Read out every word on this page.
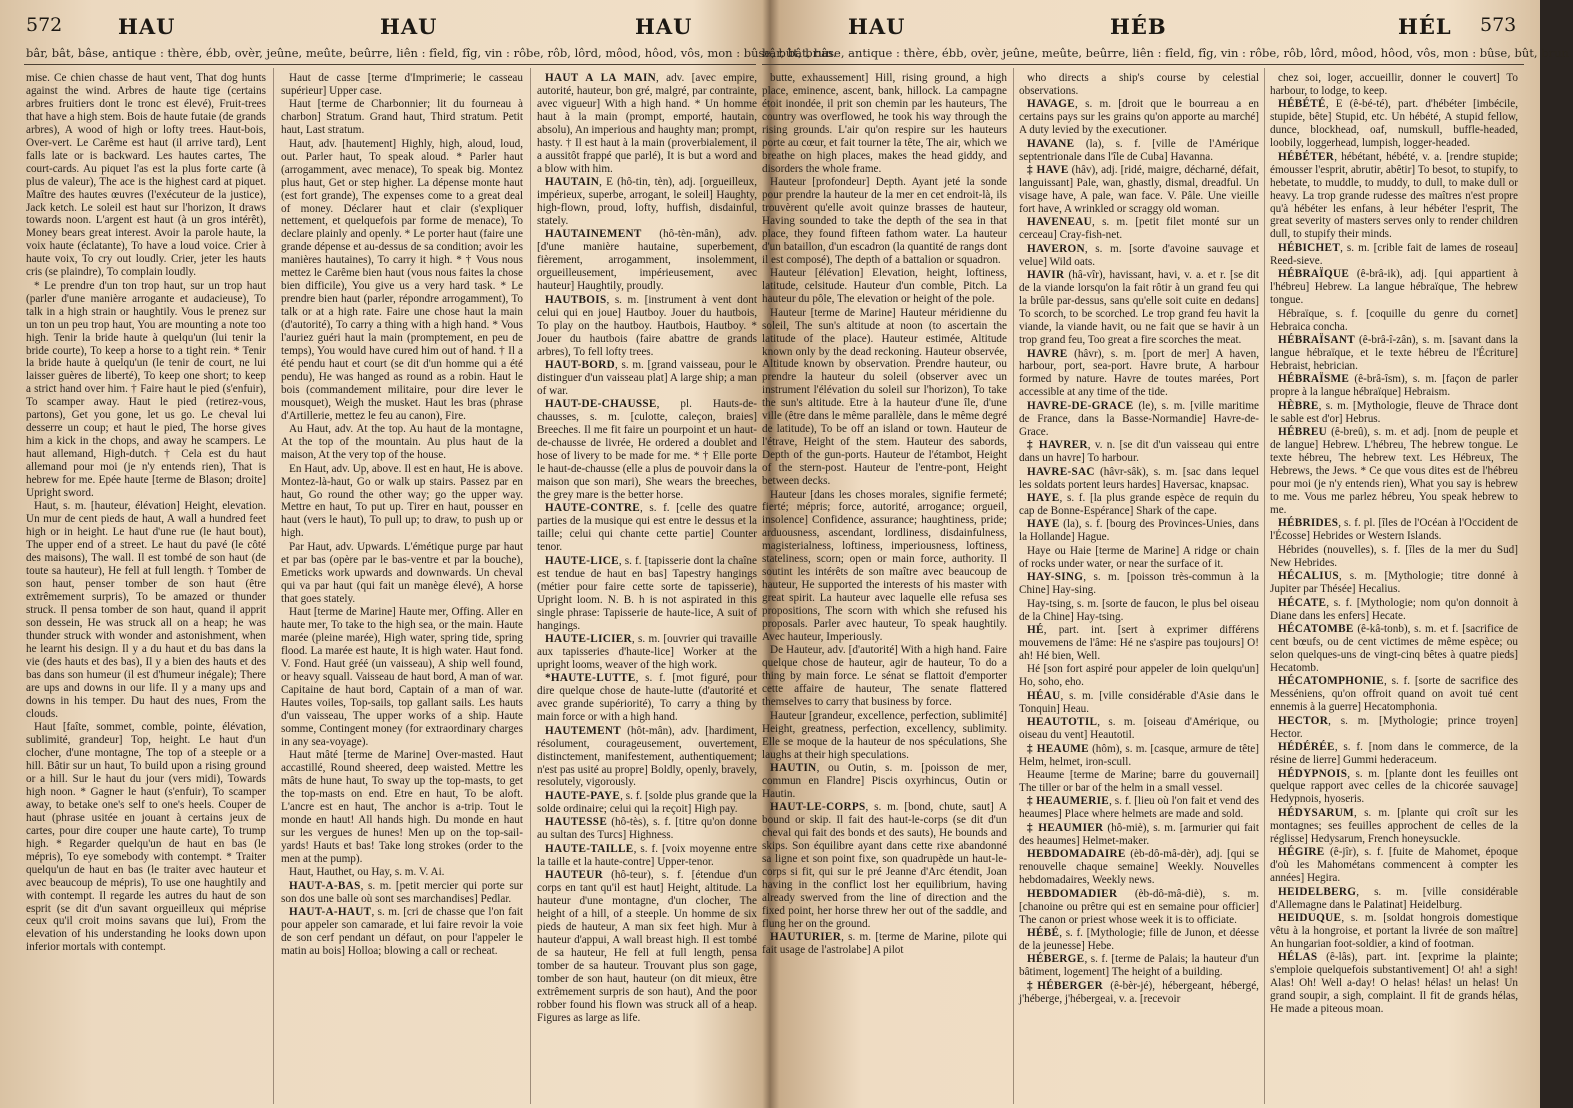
572	HAU	HAU	HAU
bâr, bât, bâse, antique : thère, ébb, ovèr, jeûne, meûte, beûrre, liên : fîeld, fîg, vin : rôbe, rôb, lôrd, môod, hôod, vôs, mon : bûse, bût, brun.

mise. Ce chien chasse de haut vent, That dog hunts against the wind. Arbres de haute tige (certains arbres fruitiers dont le tronc est élevé), Fruit-trees that have a high stem. Bois de haute futaie (de grands arbres), A wood of high or lofty trees. Haut-bois, Over-vert. Le Carême est haut (il arrive tard), Lent falls late or is backward. Les hautes cartes, The court-cards. Au piquet l'as est la plus forte carte (à plus de valeur), The ace is the highest card at piquet. Maître des hautes œuvres (l'exécuteur de la justice), Jack ketch. Le soleil est haut sur l'horizon, It draws towards noon. L'argent est haut (à un gros intérêt), Money bears great interest. Avoir la parole haute, la voix haute (éclatante), To have a loud voice. Crier à haute voix, To cry out loudly. Crier, jeter les hauts cris (se plaindre), To complain loudly.

* Le prendre d'un ton trop haut, sur un trop haut (parler d'une manière arrogante et audacieuse), To talk in a high strain or haughtily. Vous le prenez sur un ton un peu trop haut, You are mounting a note too high. Tenir la bride haute à quelqu'un (lui tenir la bride courte), To keep a horse to a tight rein. * Tenir la bride haute à quelqu'un (le tenir de court, ne lui laisser guères de liberté), To keep one short; to keep a strict hand over him. † Faire haut le pied (s'enfuir), To scamper away. Haut le pied (retirez-vous, partons), Get you gone, let us go. Le cheval lui desserre un coup; et haut le pied, The horse gives him a kick in the chops, and away he scampers. Le haut allemand, High-dutch. † Cela est du haut allemand pour moi (je n'y entends rien), That is hebrew for me. Epée haute [terme de Blason; droite] Upright sword.

Haut, s. m. [hauteur, élévation] Height, elevation. Un mur de cent pieds de haut, A wall a hundred feet high or in height. Le haut d'une rue (le haut bout), The upper end of a street. Le haut du pavé (le côté des maisons), The wall. Il est tombé de son haut (de toute sa hauteur), He fell at full length. † Tomber de son haut, penser tomber de son haut (être extrêmement surpris), To be amazed or thunder struck. Il pensa tomber de son haut, quand il apprit son dessein, He was struck all on a heap; he was thunder struck with wonder and astonishment, when he learnt his design. Il y a du haut et du bas dans la vie (des hauts et des bas), Il y a bien des hauts et des bas dans son humeur (il est d'humeur inégale); There are ups and downs in our life. Il y a many ups and downs in his temper. Du haut des nues, From the clouds.

Haut [faîte, sommet, comble, pointe, élévation, sublimité, grandeur] Top, height. Le haut d'un clocher, d'une montagne, The top of a steeple or a hill. Bâtir sur un haut, To build upon a rising ground or a hill. Sur le haut du jour (vers midi), Towards high noon. * Gagner le haut (s'enfuir), To scamper away, to betake one's self to one's heels. Couper de haut (phrase usitée en jouant à certains jeux de cartes, pour dire couper une haute carte), To trump high. * Regarder quelqu'un de haut en bas (le mépris), To eye somebody with contempt. * Traiter quelqu'un de haut en bas (le traiter avec hauteur et avec beaucoup de mépris), To use one haughtily and with contempt. Il regarde les autres du haut de son esprit (se dit d'un savant orgueilleux qui méprise ceux qu'il croit moins savans que lui), From the elevation of his understanding he looks down upon inferior mortals with contempt.

Haut de casse [terme d'Imprimerie; le casseau supérieur] Upper case.

Haut [terme de Charbonnier; lit du fourneau à charbon] Stratum. Grand haut, Third stratum. Petit haut, Last stratum.

Haut, adv. [hautement] Highly, high, aloud, loud, out. Parler haut, To speak aloud. * Parler haut (arrogamment, avec menace), To speak big. Montez plus haut, Get or step higher. La dépense monte haut (est fort grande), The expenses come to a great deal of money. Déclarer haut et clair (s'expliquer nettement, et quelquefois par forme de menace), To declare plainly and openly. * Le porter haut (faire une grande dépense et au-dessus de sa condition; avoir les manières hautaines), To carry it high. * † Vous nous mettez le Carême bien haut (vous nous faites la chose bien difficile), You give us a very hard task. * Le prendre bien haut (parler, répondre arrogamment), To talk or at a high rate. Faire une chose haut la main (d'autorité), To carry a thing with a high hand. * Vous l'auriez guéri haut la main (promptement, en peu de temps), You would have cured him out of hand. † Il a été pendu haut et court (se dit d'un homme qui a été pendu), He was hanged as round as a robin. Haut le bois (commandement militaire, pour dire lever le mousquet), Weigh the musket. Haut les bras (phrase d'Artillerie, mettez le feu au canon), Fire.

Au Haut, adv. At the top. Au haut de la montagne, At the top of the mountain. Au plus haut de la maison, At the very top of the house.

En Haut, adv. Up, above. Il est en haut, He is above. Montez-là-haut, Go or walk up stairs. Passez par en haut, Go round the other way; go the upper way. Mettre en haut, To put up. Tirer en haut, pousser en haut (vers le haut), To pull up; to draw, to push up or high.

Par Haut, adv. Upwards. L'émétique purge par haut et par bas (opère par le bas-ventre et par la bouche), Emeticks work upwards and downwards. Un cheval qui va par haut (qui fait un manège élevé), A horse that goes stately.

Haut [terme de Marine] Haute mer, Offing. Aller en haute mer, To take to the high sea, or the main. Haute marée (pleine marée), High water, spring tide, spring flood. La marée est haute, It is high water. Haut fond. V. Fond. Haut gréé (un vaisseau), A ship well found, or heavy squall. Vaisseau de haut bord, A man of war. Capitaine de haut bord, Captain of a man of war. Hautes voiles, Top-sails, top gallant sails. Les hauts d'un vaisseau, The upper works of a ship. Haute somme, Contingent money (for extraordinary charges in any sea-voyage).

Haut mâté [terme de Marine] Over-masted. Haut accastillé, Round sheered, deep waisted. Mettre les mâts de hune haut, To sway up the top-masts, to get the top-masts on end. Etre en haut, To be aloft. L'ancre est en haut, The anchor is a-trip. Tout le monde en haut! All hands high. Du monde en haut sur les vergues de hunes! Men up on the top-sail-yards! Hauts et bas! Take long strokes (order to the men at the pump).

Haut, Hauthet, ou Hay, s. m. V. Ai.

HAUT-A-BAS, s. m. [petit mercier qui porte sur son dos une balle où sont ses marchandises] Pedlar.

HAUT-A-HAUT, s. m. [cri de chasse que l'on fait pour appeler son camarade, et lui faire revoir la voie de son cerf pendant un défaut, on pour l'appeler le matin au bois] Holloa; blowing a call or recheat.

HAUT A LA MAIN, adv. [avec empire, autorité, hauteur, bon gré, malgré, par contrainte, avec vigueur] With a high hand. * Un homme haut à la main (prompt, emporté, hautain, absolu), An imperious and haughty man; prompt, hasty. † Il est haut à la main (proverbialement, il a aussitôt frappé que parlé), It is but a word and a blow with him.

HAUTAIN, E (hô-tin, tèn), adj. [orgueilleux, impérieux, superbe, arrogant, le soleil] Haughty, high-flown, proud, lofty, huffish, disdainful, stately.

HAUTAINEMENT (hô-tèn-mân), adv. [d'une manière hautaine, superbement, fièrement, arrogamment, insolemment, orgueilleusement, impérieusement, avec hauteur] Haughtily, proudly.

HAUTBOIS, s. m. [instrument à vent dont celui qui en joue] Hautboy. Jouer du hautbois, To play on the hautboy. Hautbois, Hautboy. * Jouer du hautbois (faire abattre de grands arbres), To fell lofty trees.

HAUT-BORD, s. m. [grand vaisseau, pour le distinguer d'un vaisseau plat] A large ship; a man of war.

HAUT-DE-CHAUSSE, pl. Hauts-de-chausses, s. m. [culotte, caleçon, braies] Breeches. Il me fit faire un pourpoint et un haut-de-chausse de livrée, He ordered a doublet and hose of livery to be made for me. * † Elle porte le haut-de-chausse (elle a plus de pouvoir dans la maison que son mari), She wears the breeches, the grey mare is the better horse.

HAUTE-CONTRE, s. f. [celle des quatre parties de la musique qui est entre le dessus et la taille; celui qui chante cette partie] Counter tenor.

HAUTE-LICE, s. f. [tapisserie dont la chaîne est tendue de haut en bas] Tapestry hangings (métier pour faire cette sorte de tapisserie), Upright loom. N. B. h is not aspirated in this single phrase: Tapisserie de haute-lice, A suit of hangings.

HAUTE-LICIER, s. m. [ouvrier qui travaille aux tapisseries d'haute-lice] Worker at the upright looms, weaver of the high work.

*HAUTE-LUTTE, s. f. [mot figuré, pour dire quelque chose de haute-lutte (d'autorité et avec grande supériorité), To carry a thing by main force or with a high hand.

HAUTEMENT (hôt-mân), adv. [hardiment, résolument, courageusement, ouvertement, distinctement, manifestement, authentiquement; n'est pas usité au propre] Boldly, openly, bravely, resolutely, vigorously.

HAUTE-PAYE, s. f. [solde plus grande que la solde ordinaire; celui qui la reçoit] High pay.

HAUTESSE (hô-tès), s. f. [titre qu'on donne au sultan des Turcs] Highness.

HAUTE-TAILLE, s. f. [voix moyenne entre la taille et la haute-contre] Upper-tenor.

HAUTEUR (hô-teur), s. f. [étendue d'un corps en tant qu'il est haut] Height, altitude. La hauteur d'une montagne, d'un clocher, The height of a hill, of a steeple. Un homme de six pieds de hauteur, A man six feet high. Mur à hauteur d'appui, A wall breast high. Il est tombé de sa hauteur, He fell at full length, pensa tomber de sa hauteur. Trouvant plus son gage, tomber de son haut, hauteur (on dit mieux, être extrêmement surpris de son haut), And the poor robber found his flown was struck all of a heap. Figures as large as life.

HAU	HÉB	HÉL 573
bâr, bât, bâse, antique : thère, ébb, ovèr, jeûne, meûte, beûrre, liên : fîeld, fîg, vin : rôbe, rôb, lôrd, môod, hôod, vôs, mon : bûse, bût, brun.

butte, exhaussement] Hill, rising ground, a high place, eminence, ascent, bank, hillock. La campagne étoit inondée, il prit son chemin par les hauteurs, The country was overflowed, he took his way through the rising grounds. L'air qu'on respire sur les hauteurs porte au cœur, et fait tourner la tête, The air, which we breathe on high places, makes the head giddy, and disorders the whole frame.

Hauteur [profondeur] Depth. Ayant jeté la sonde pour prendre la hauteur de la mer en cet endroit-là, ils trouvèrent qu'elle avoit quinze brasses de hauteur, Having sounded to take the depth of the sea in that place, they found fifteen fathom water. La hauteur d'un bataillon, d'un escadron (la quantité de rangs dont il est composé), The depth of a battalion or squadron.

Hauteur [élévation] Elevation, height, loftiness, latitude, celsitude. Hauteur d'un comble, Pitch. La hauteur du pôle, The elevation or height of the pole.

Hauteur [terme de Marine] Hauteur méridienne du soleil, The sun's altitude at noon (to ascertain the latitude of the place). Hauteur estimée, Altitude known only by the dead reckoning. Hauteur observée, Altitude known by observation. Prendre hauteur, ou prendre la hauteur du soleil (observer avec un instrument l'élévation du soleil sur l'horizon), To take the sun's altitude. Etre à la hauteur d'une île, d'une ville (être dans le même parallèle, dans le même degré de latitude), To be off an island or town. Hauteur de l'étrave, Height of the stem. Hauteur des sabords, Depth of the gun-ports. Hauteur de l'étambot, Height of the stern-post. Hauteur de l'entre-pont, Height between decks.

Hauteur [dans les choses morales, signifie fermeté; fierté; mépris; force, autorité, arrogance; orgueil, insolence] Confidence, assurance; haughtiness, pride; arduousness, ascendant, lordliness, disdainfulness, magisterialness, loftiness, imperiousness, loftiness, stateliness, scorn; open or main force, authority. Il soutint les intérêts de son maître avec beaucoup de hauteur, He supported the interests of his master with great spirit. La hauteur avec laquelle elle refusa ses propositions, The scorn with which she refused his proposals. Parler avec hauteur, To speak haughtily. Avec hauteur, Imperiously.

De Hauteur, adv. [d'autorité] With a high hand. Faire quelque chose de hauteur, agir de hauteur, To do a thing by main force. Le sénat se flattoit d'emporter cette affaire de hauteur, The senate flattered themselves to carry that business by force.

Hauteur [grandeur, excellence, perfection, sublimité] Height, greatness, perfection, excellency, sublimity. Elle se moque de la hauteur de nos spéculations, She laughs at their high speculations.

HAUTIN, ou Outin, s. m. [poisson de mer, commun en Flandre] Piscis oxyrhincus, Outin or Hautin.

HAUT-LE-CORPS, s. m. [bond, chute, saut] A bound or skip. Il fait des haut-le-corps (se dit d'un cheval qui fait des bonds et des sauts), He bounds and skips. Son équilibre ayant dans cette rixe abandonné sa ligne et son point fixe, son quadrupède un haut-le-corps si fit, qui sur le pré Jeanne d'Arc étendit, Joan having in the conflict lost her equilibrium, having already swerved from the line of direction and the fixed point, her horse threw her out of the saddle, and flung her on the ground.

HAUTURIER, s. m. [terme de Marine, pilote qui fait usage de l'astrolabe] A pilot

who directs a ship's course by celestial observations.

HAVAGE, s. m. [droit que le bourreau a en certains pays sur les grains qu'on apporte au marché] A duty levied by the executioner.

HAVANE (la), s. f. [ville de l'Amérique septentrionale dans l'île de Cuba] Havanna.

‡ HAVE (hâv), adj. [ridé, maigre, décharné, défait, languissant] Pale, wan, ghastly, dismal, dreadful. Un visage have, A pale, wan face. V. Pâle. Une vieille fort have, A wrinkled or scraggy old woman.

HAVENEAU, s. m. [petit filet monté sur un cerceau] Cray-fish-net.

HAVERON, s. m. [sorte d'avoine sauvage et velue] Wild oats.

HAVIR (hâ-vîr), havissant, havi, v. a. et r. [se dit de la viande lorsqu'on la fait rôtir à un grand feu qui la brûle par-dessus, sans qu'elle soit cuite en dedans] To scorch, to be scorched. Le trop grand feu havit la viande, la viande havit, ou ne fait que se havir à un trop grand feu, Too great a fire scorches the meat.

HAVRE (hâvr), s. m. [port de mer] A haven, harbour, port, sea-port. Havre brute, A harbour formed by nature. Havre de toutes marées, Port accessible at any time of the tide.

HAVRE-DE-GRACE (le), s. m. [ville maritime de France, dans la Basse-Normandie] Havre-de-Grace.

‡ HAVRER, v. n. [se dit d'un vaisseau qui entre dans un havre] To harbour.

HAVRE-SAC (hâvr-sâk), s. m. [sac dans lequel les soldats portent leurs hardes] Haversac, knapsac.

HAYE, s. f. [la plus grande espèce de requin du cap de Bonne-Espérance] Shark of the cape.

HAYE (la), s. f. [bourg des Provinces-Unies, dans la Hollande] Hague.

Haye ou Haie [terme de Marine] A ridge or chain of rocks under water, or near the surface of it.

HAY-SING, s. m. [poisson très-commun à la Chine] Hay-sing.

Hay-tsing, s. m. [sorte de faucon, le plus bel oiseau de la Chine] Hay-tsing.

HÉ, part. int. [sert à exprimer différens mouvemens de l'âme: Hé ne s'aspire pas toujours] O! ah! Hé bien, Well.

Hé [son fort aspiré pour appeler de loin quelqu'un] Ho, soho, eho.

HÉAU, s. m. [ville considérable d'Asie dans le Tonquin] Heau.

HEAUTOTIL, s. m. [oiseau d'Amérique, ou oiseau du vent] Heautotil.

‡ HEAUME (hôm), s. m. [casque, armure de tête] Helm, helmet, iron-scull.

Heaume [terme de Marine; barre du gouvernail] The tiller or bar of the helm in a small vessel.

‡ HEAUMERIE, s. f. [lieu où l'on fait et vend des heaumes] Place where helmets are made and sold.

‡ HEAUMIER (hô-miè), s. m. [armurier qui fait des heaumes] Helmet-maker.

HEBDOMADAIRE (èb-dô-mâ-dèr), adj. [qui se renouvelle chaque semaine] Weekly. Nouvelles hebdomadaires, Weekly news.

HEBDOMADIER (èb-dô-mâ-diè), s. m. [chanoine ou prêtre qui est en semaine pour officier] The canon or priest whose week it is to officiate.

HÉBÉ, s. f. [Mythologie; fille de Junon, et déesse de la jeunesse] Hebe.

HÉBERGE, s. f. [terme de Palais; la hauteur d'un bâtiment, logement] The height of a building.

‡HÉBERGER (ê-bèr-jé), hébergeant, hébergé, j'héberge, j'hébergeai, v. a. [recevoir

chez soi, loger, accueillir, donner le couvert] To harbour, to lodge, to keep.

HÉBÉTÉ, E (ê-bé-té), part. d'hébéter [imbécile, stupide, bête] Stupid, etc. Un hébété, A stupid fellow, dunce, blockhead, oaf, numskull, buffle-headed, loobily, loggerhead, lumpish, logger-headed.

HÉBÉTER, hébétant, hébété, v. a. [rendre stupide; émousser l'esprit, abrutir, abêtir] To besot, to stupify, to hebetate, to muddle, to muddy, to dull, to make dull or heavy. La trop grande rudesse des maîtres n'est propre qu'à hébéter les enfans, à leur hébéter l'esprit, The great severity of masters serves only to render children dull, to stupify their minds.

HÉBICHET, s. m. [crible fait de lames de roseau] Reed-sieve.

HÉBRAÏQUE (ê-brâ-ik), adj. [qui appartient à l'hébreu] Hebrew. La langue hébraïque, The hebrew tongue.

Hébraïque, s. f. [coquille du genre du cornet] Hebraica concha.

HÉBRAÏSANT (ê-brâ-î-zân), s. m. [savant dans la langue hébraïque, et le texte hébreu de l'Écriture] Hebraist, hebrician.

HÉBRAÏSME (ê-brâ-îsm), s. m. [façon de parler propre à la langue hébraïque] Hebraism.

HÈBRE, s. m. [Mythologie, fleuve de Thrace dont le sable est d'or] Hebrus.

HÉBREU (ê-breû), s. m. et adj. [nom de peuple et de langue] Hebrew. L'hébreu, The hebrew tongue. Le texte hébreu, The hebrew text. Les Hébreux, The Hebrews, the Jews. * Ce que vous dites est de l'hébreu pour moi (je n'y entends rien), What you say is hebrew to me. Vous me parlez hébreu, You speak hebrew to me.

HÉBRIDES, s. f. pl. [îles de l'Océan à l'Occident de l'Écosse] Hebrides or Western Islands.

Hébrides (nouvelles), s. f. [îles de la mer du Sud] New Hebrides.

HÉCALIUS, s. m. [Mythologie; titre donné à Jupiter par Thésée] Hecalius.

HÉCATE, s. f. [Mythologie; nom qu'on donnoit à Diane dans les enfers] Hecate.

HÉCATOMBE (ê-kâ-tonb), s. m. et f. [sacrifice de cent bœufs, ou de cent victimes de même espèce; ou selon quelques-uns de vingt-cinq bêtes à quatre pieds] Hecatomb.

HÉCATOMPHONIE, s. f. [sorte de sacrifice des Messéniens, qu'on offroit quand on avoit tué cent ennemis à la guerre] Hecatomphonia.

HECTOR, s. m. [Mythologie; prince troyen] Hector.

HÉDÉRÉE, s. f. [nom dans le commerce, de la résine de lierre] Gummi hederaceum.

HÉDYPNOIS, s. m. [plante dont les feuilles ont quelque rapport avec celles de la chicorée sauvage] Hedypnois, hyoseris.

HÉDYSARUM, s. m. [plante qui croît sur les montagnes; ses feuilles approchent de celles de la réglisse] Hedysarum, French honeysuckle.

HÉGIRE (ê-jîr), s. f. [fuite de Mahomet, époque d'où les Mahométans commencent à compter les années] Hegira.

HEIDELBERG, s. m. [ville considérable d'Allemagne dans le Palatinat] Heidelburg.

HEIDUQUE, s. m. [soldat hongrois domestique vêtu à la hongroise, et portant la livrée de son maître] An hungarian foot-soldier, a kind of footman.

HÉLAS (ê-lâs), part. int. [exprime la plainte; s'emploie quelquefois substantivement] O! ah! a sigh! Alas! Oh! Well a-day! O helas! hélas! un helas! Un grand soupir, a sigh, complaint. Il fit de grands hélas, He made a piteous moan.
